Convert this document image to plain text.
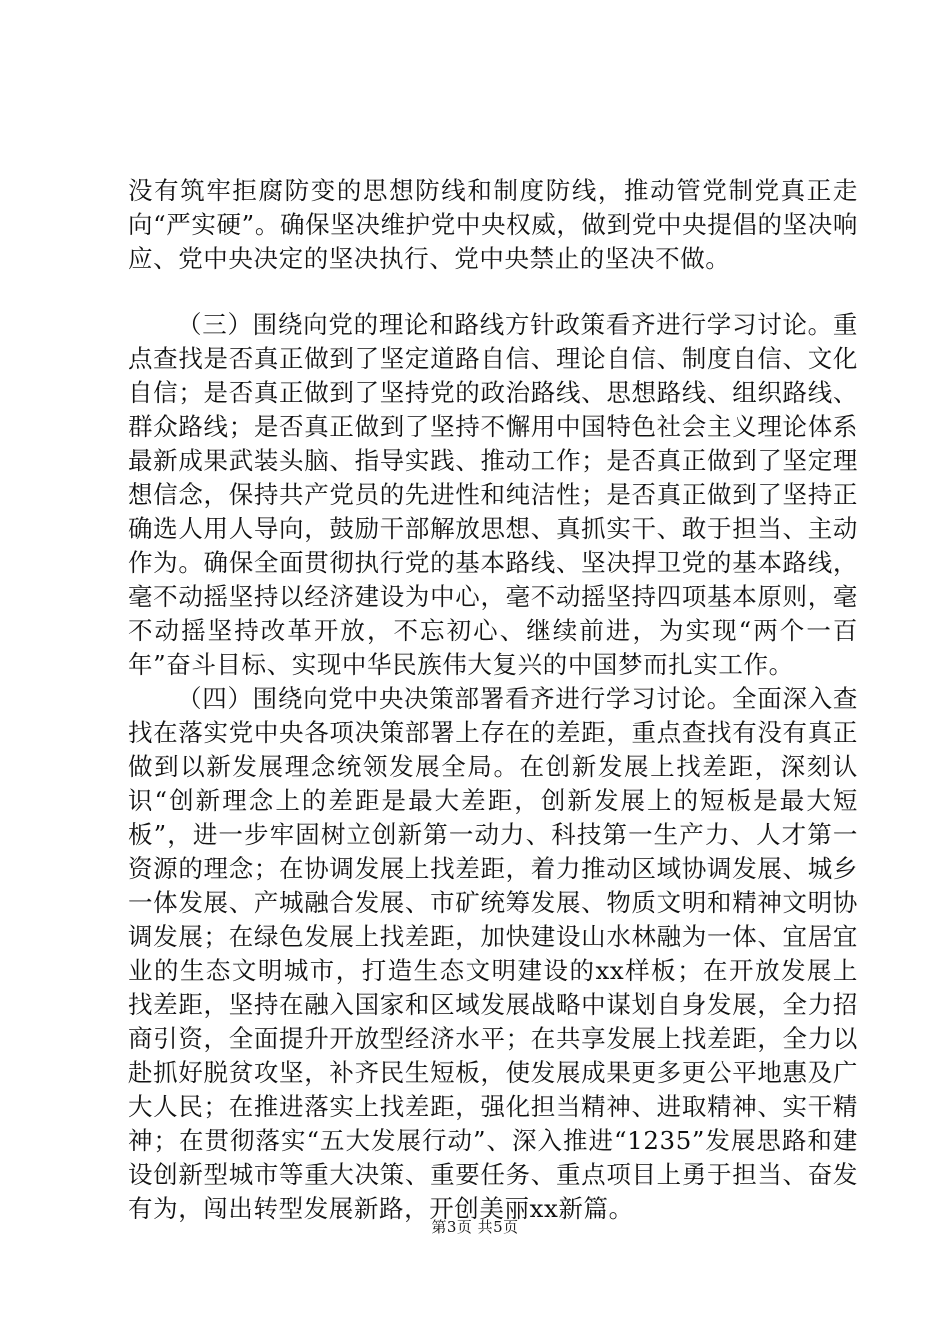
没有筑牢拒腐防变的思想防线和制度防线，推动管党制党真正走向“严实硬”。确保坚决维护党中央权威，做到党中央提倡的坚决响应、党中央决定的坚决执行、党中央禁止的坚决不做。

（三）围绕向党的理论和路线方针政策看齐进行学习讨论。重点查找是否真正做到了坚定道路自信、理论自信、制度自信、文化自信；是否真正做到了坚持党的政治路线、思想路线、组织路线、群众路线；是否真正做到了坚持不懈用中国特色社会主义理论体系最新成果武装头脑、指导实践、推动工作；是否真正做到了坚定理想信念，保持共产党员的先进性和纯洁性；是否真正做到了坚持正确选人用人导向，鼓励干部解放思想、真抓实干、敢于担当、主动作为。确保全面贯彻执行党的基本路线、坚决捍卫党的基本路线，毫不动摇坚持以经济建设为中心，毫不动摇坚持四项基本原则，毫不动摇坚持改革开放，不忘初心、继续前进，为实现“两个一百年”奋斗目标、实现中华民族伟大复兴的中国梦而扎实工作。

（四）围绕向党中央决策部署看齐进行学习讨论。全面深入查找在落实党中央各项决策部署上存在的差距，重点查找有没有真正做到以新发展理念统领发展全局。在创新发展上找差距，深刻认识“创新理念上的差距是最大差距，创新发展上的短板是最大短板”，进一步牢固树立创新第一动力、科技第一生产力、人才第一资源的理念；在协调发展上找差距，着力推动区域协调发展、城乡一体发展、产城融合发展、市矿统筹发展、物质文明和精神文明协调发展；在绿色发展上找差距，加快建设山水林融为一体、宜居宜业的生态文明城市，打造生态文明建设的xx样板；在开放发展上找差距，坚持在融入国家和区域发展战略中谋划自身发展，全力招商引资，全面提升开放型经济水平；在共享发展上找差距，全力以赴抓好脱贫攻坚，补齐民生短板，使发展成果更多更公平地惠及广大人民；在推进落实上找差距，强化担当精神、进取精神、实干精神；在贯彻落实“五大发展行动”、深入推进“1235”发展思路和建设创新型城市等重大决策、重要任务、重点项目上勇于担当、奋发有为，闯出转型发展新路，开创美丽xx新篇。

第3页 共5页
